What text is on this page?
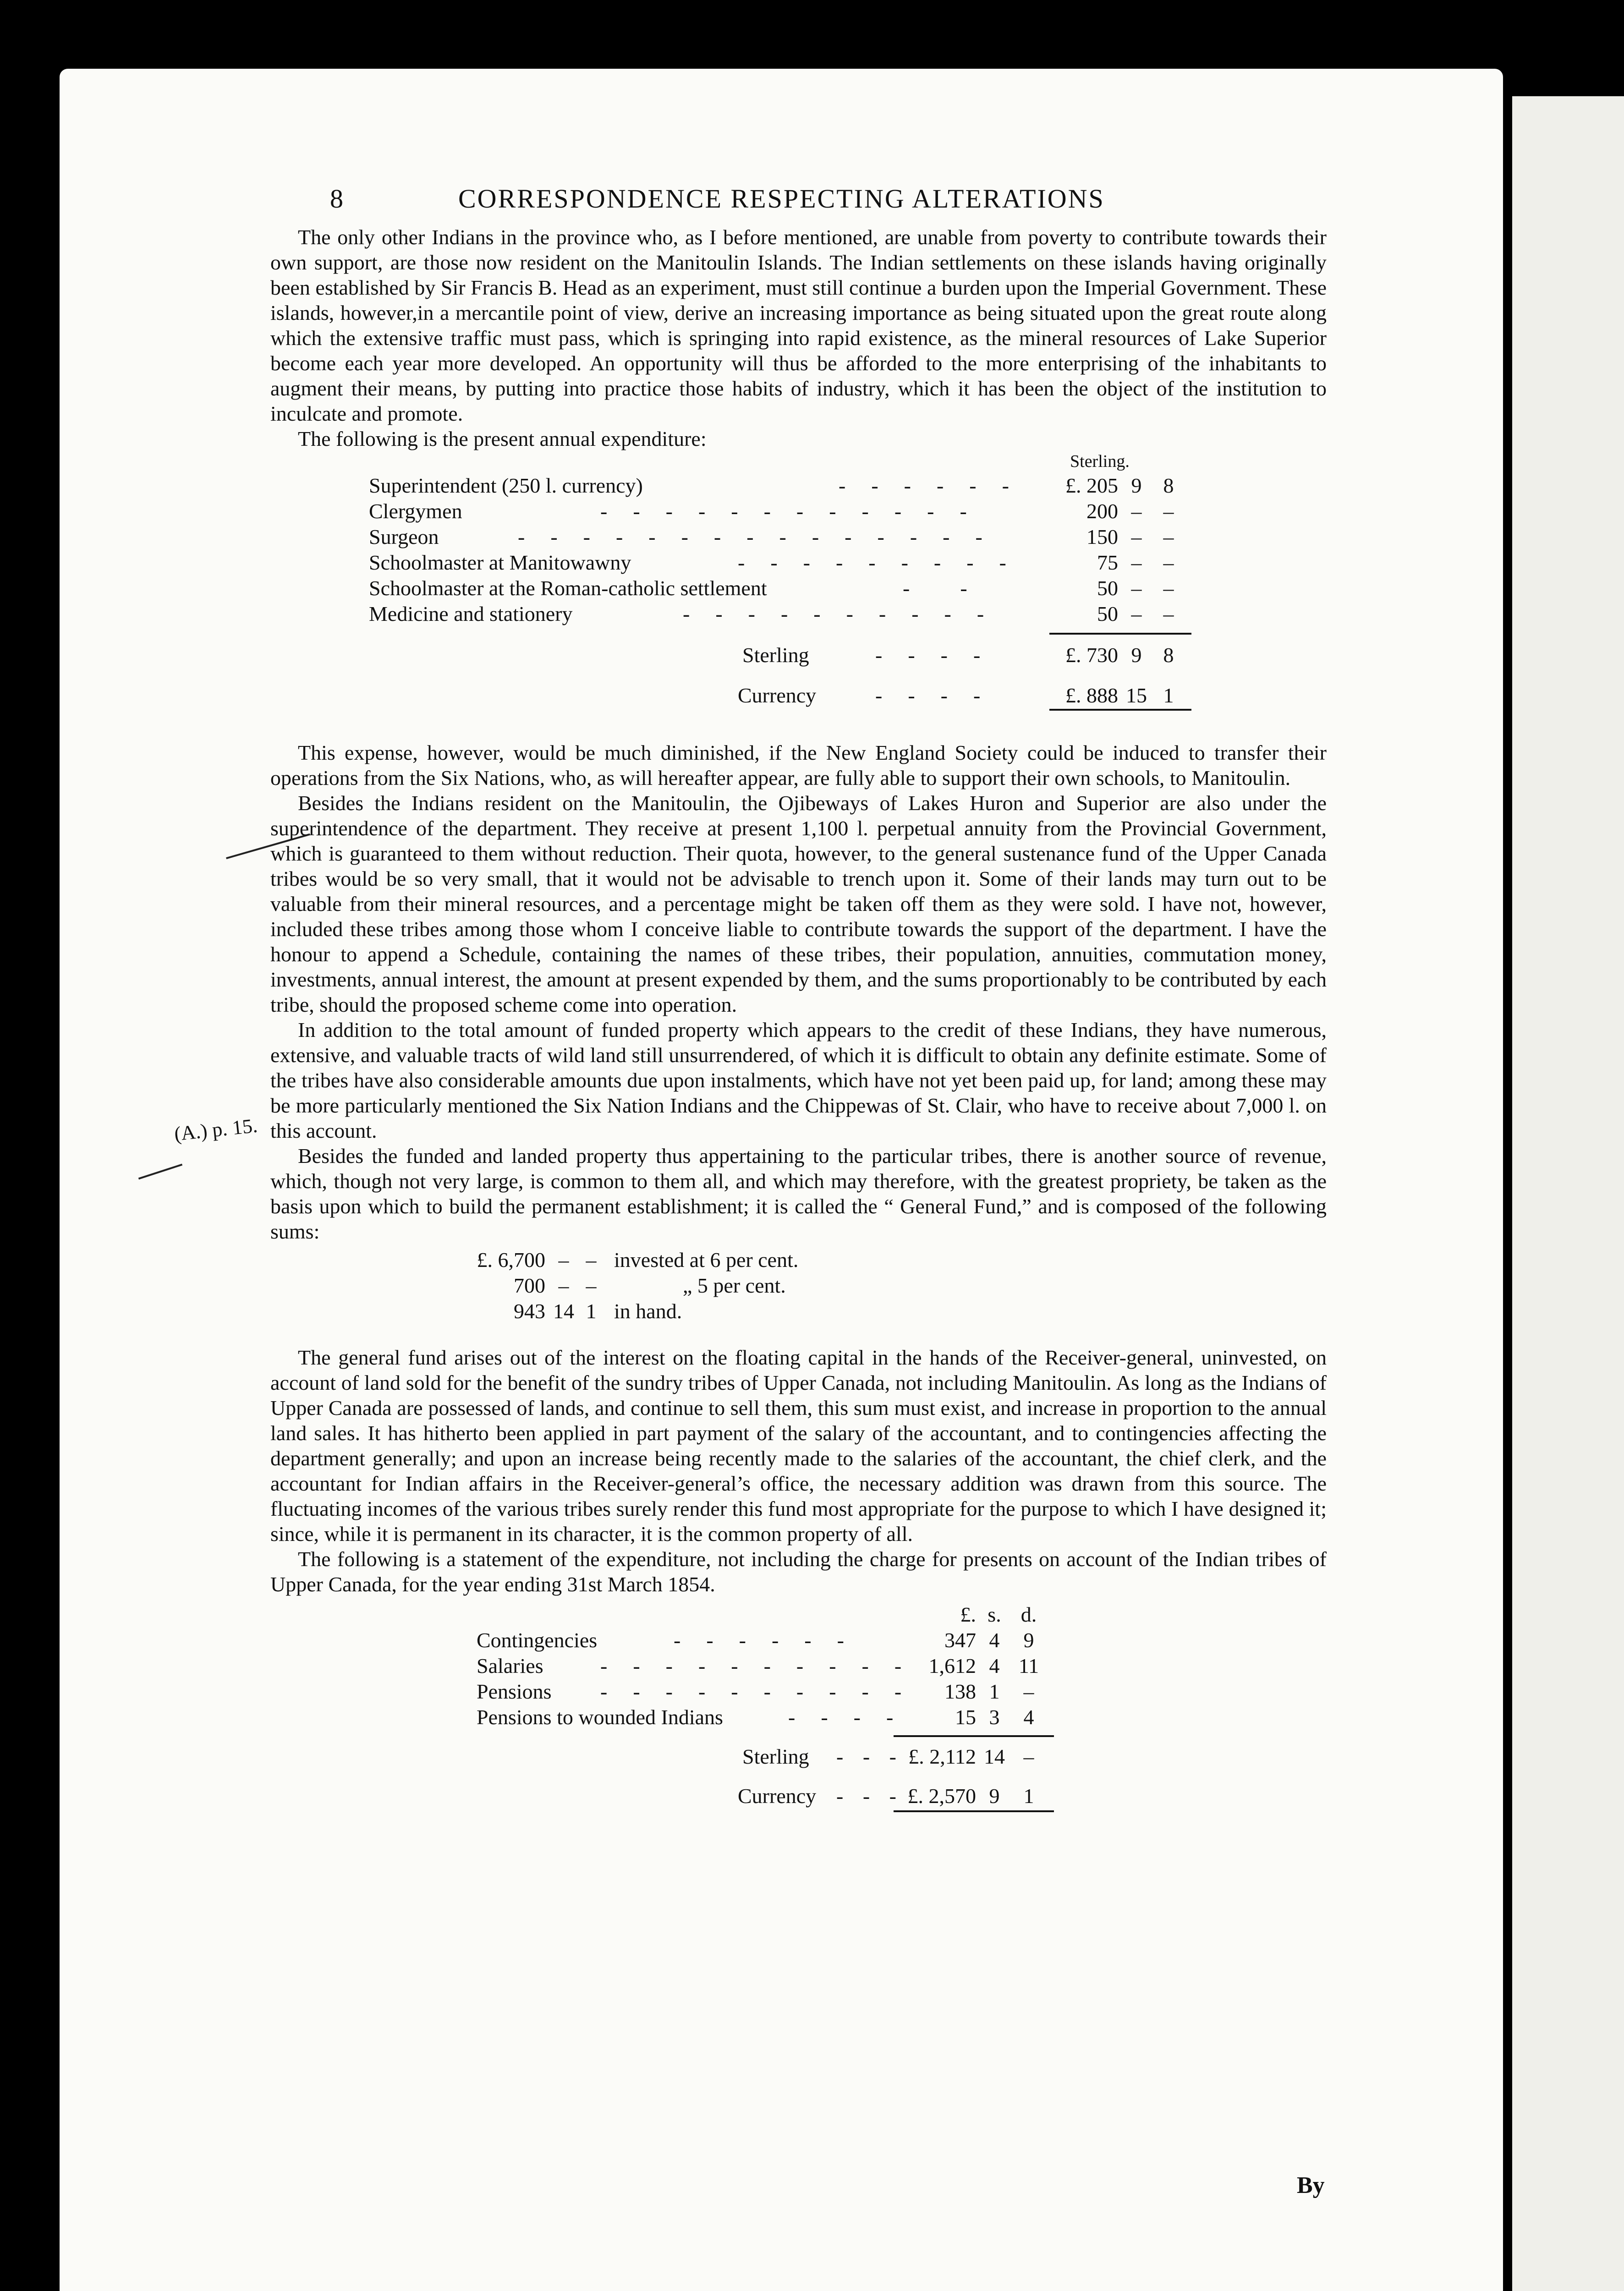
(A.) p. 15.
8	CORRESPONDENCE RESPECTING ALTERATIONS

The only other Indians in the province who, as I before mentioned, are unable from poverty to contribute towards their own support, are those now resident on the Manitoulin Islands. The Indian settlements on these islands having originally been established by Sir Francis B. Head as an experiment, must still continue a burden upon the Imperial Government. These islands, however,in a mercantile point of view, derive an increasing importance as being situated upon the great route along which the extensive traffic must pass, which is springing into rapid existence, as the mineral resources of Lake Superior become each year more developed. An opportunity will thus be afforded to the more enterprising of the inhabitants to augment their means, by putting into practice those habits of industry, which it has been the object of the institution to inculcate and promote.

The following is the present annual expenditure:

Sterling.
Superintendent (250 l. currency)	-    -    -    -    -    -	£. 205 9	8
Clergymen	-    -    -    -    -    -    -    -    -    -    -    -	200 –	–
Surgeon	-    -    -    -    -    -    -    -    -    -    -    -    -    -    -	150 –	–
Schoolmaster at Manitowawny	-    -    -    -    -    -    -    -    -	75 –	–
Schoolmaster at the Roman-catholic settlement	-        -	50 –	–
Medicine and stationery	-    -    -    -    -    -    -    -    -    -	50 –	–
Sterling	-    -    -    -	£. 730 9	8
Currency	-    -    -    -	£. 888 15 1

This expense, however, would be much diminished, if the New England Society could be induced to transfer their operations from the Six Nations, who, as will hereafter appear, are fully able to support their own schools, to Manitoulin.

Besides the Indians resident on the Manitoulin, the Ojibeways of Lakes Huron and Superior are also under the superintendence of the department. They receive at present 1,100 l. perpetual annuity from the Provincial Government, which is guaranteed to them without reduction. Their quota, however, to the general sustenance fund of the Upper Canada tribes would be so very small, that it would not be advisable to trench upon it. Some of their lands may turn out to be valuable from their mineral resources, and a percentage might be taken off them as they were sold. I have not, however, included these tribes among those whom I conceive liable to contribute towards the support of the department. I have the honour to append a Schedule, containing the names of these tribes, their population, annuities, commutation money, investments, annual interest, the amount at present expended by them, and the sums proportionably to be contributed by each tribe, should the proposed scheme come into operation.

In addition to the total amount of funded property which appears to the credit of these Indians, they have numerous, extensive, and valuable tracts of wild land still unsurrendered, of which it is difficult to obtain any definite estimate. Some of the tribes have also considerable amounts due upon instalments, which have not yet been paid up, for land; among these may be more particularly mentioned the Six Nation Indians and the Chippewas of St. Clair, who have to receive about 7,000 l. on this account.

Besides the funded and landed property thus appertaining to the particular tribes, there is another source of revenue, which, though not very large, is common to them all, and which may therefore, with the greatest propriety, be taken as the basis upon which to build the permanent establishment; it is called the “ General Fund,” and is composed of the following sums:

£. 6,700 – – invested at 6 per cent.
700 – –	„ 5 per cent.
943 14 1 in hand.

The general fund arises out of the interest on the floating capital in the hands of the Receiver-general, uninvested, on account of land sold for the benefit of the sundry tribes of Upper Canada, not including Manitoulin. As long as the Indians of Upper Canada are possessed of lands, and continue to sell them, this sum must exist, and increase in proportion to the annual land sales. It has hitherto been applied in part payment of the salary of the accountant, and to contingencies affecting the department generally; and upon an increase being recently made to the salaries of the accountant, the chief clerk, and the accountant for Indian affairs in the Receiver-general’s office, the necessary addition was drawn from this source. The fluctuating incomes of the various tribes surely render this fund most appropriate for the purpose to which I have designed it; since, while it is permanent in its character, it is the common property of all.

The following is a statement of the expenditure, not including the charge for presents on account of the Indian tribes of Upper Canada, for the year ending 31st March 1854.

£. s. d.
Contingencies	-    -    -    -    -    -	347 4	9
Salaries	-    -    -    -    -    -    -    -    -    -	1,612 4 11
Pensions -    -    -    -    -    -    -    -    -    -	138 1	–
Pensions to wounded Indians	-    -    -    -	15 3	4
Sterling -   -   - £. 2,112 14 –
Currency -   -   - £. 2,570 9	1
By
